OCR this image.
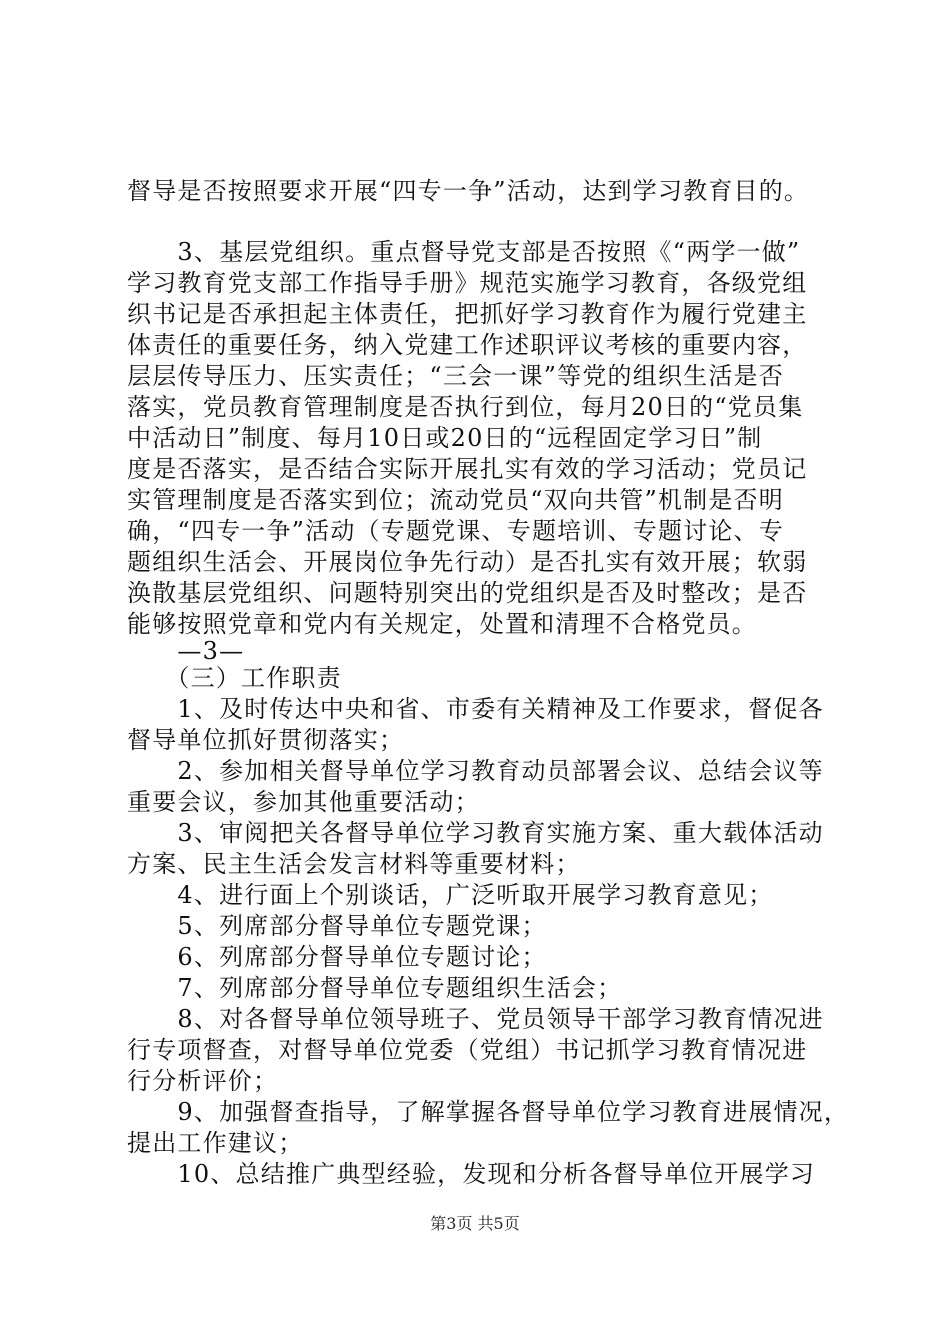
督导是否按照要求开展“四专一争”活动，达到学习教育目的。
　　3、基层党组织。重点督导党支部是否按照《“两学一做”
学习教育党支部工作指导手册》规范实施学习教育，各级党组
织书记是否承担起主体责任，把抓好学习教育作为履行党建主
体责任的重要任务，纳入党建工作述职评议考核的重要内容，
层层传导压力、压实责任；“三会一课”等党的组织生活是否
落实，党员教育管理制度是否执行到位，每月20日的“党员集
中活动日”制度、每月10日或20日的“远程固定学习日”制
度是否落实，是否结合实际开展扎实有效的学习活动；党员记
实管理制度是否落实到位；流动党员“双向共管”机制是否明
确，“四专一争”活动（专题党课、专题培训、专题讨论、专
题组织生活会、开展岗位争先行动）是否扎实有效开展；软弱
涣散基层党组织、问题特别突出的党组织是否及时整改；是否
能够按照党章和党内有关规定，处置和清理不合格党员。
　　—3—
　　（三）工作职责
　　1、及时传达中央和省、市委有关精神及工作要求，督促各
督导单位抓好贯彻落实；
　　2、参加相关督导单位学习教育动员部署会议、总结会议等
重要会议，参加其他重要活动；
　　3、审阅把关各督导单位学习教育实施方案、重大载体活动
方案、民主生活会发言材料等重要材料；
　　4、进行面上个别谈话，广泛听取开展学习教育意见；
　　5、列席部分督导单位专题党课；
　　6、列席部分督导单位专题讨论；
　　7、列席部分督导单位专题组织生活会；
　　8、对各督导单位领导班子、党员领导干部学习教育情况进
行专项督查，对督导单位党委（党组）书记抓学习教育情况进
行分析评价；
　　9、加强督查指导，了解掌握各督导单位学习教育进展情况，
提出工作建议；
　　10、总结推广典型经验，发现和分析各督导单位开展学习
第3页 共5页
